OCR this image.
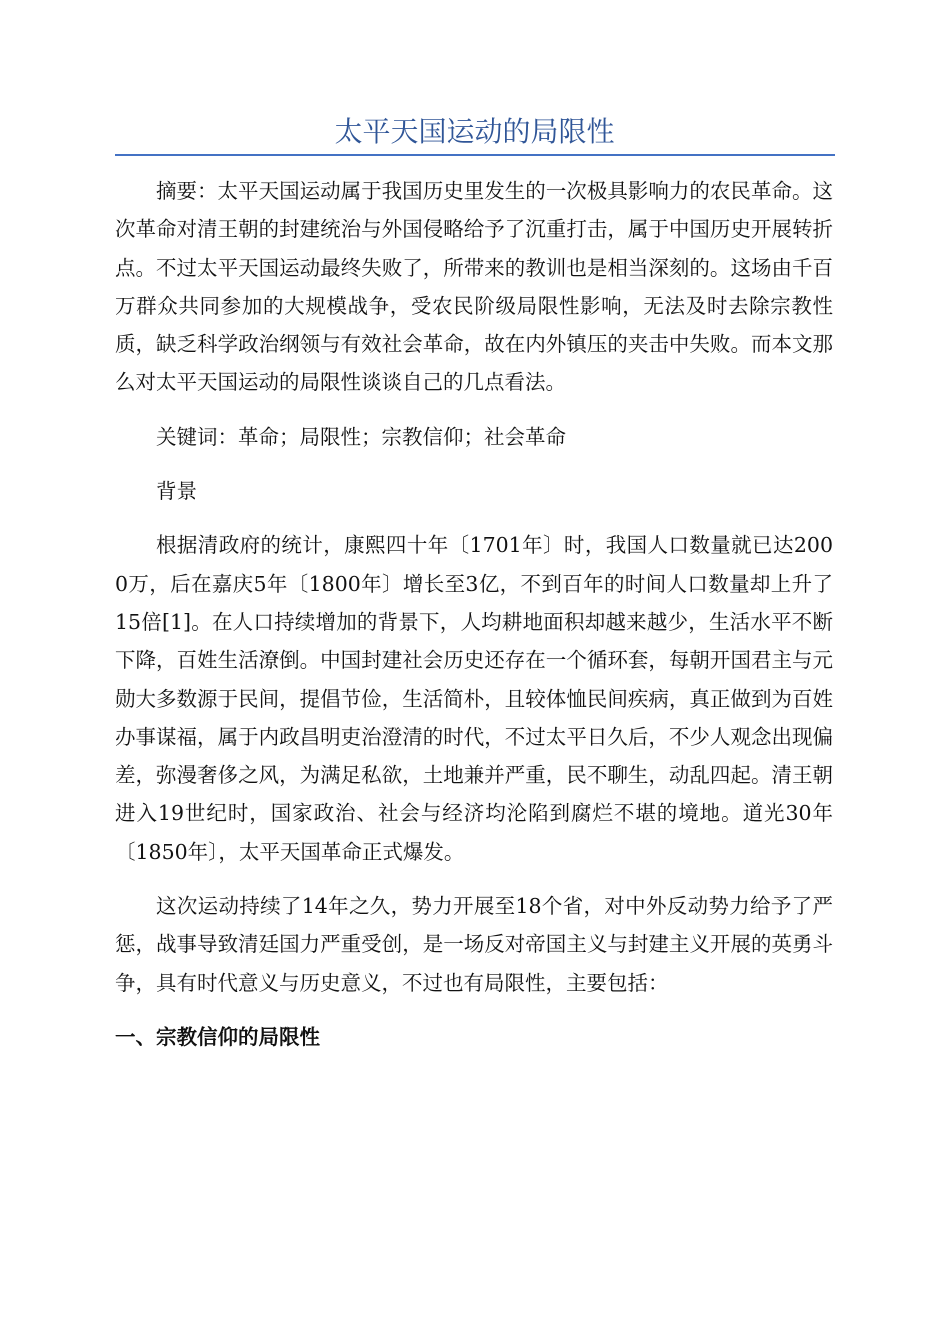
太平天国运动的局限性

摘要：太平天国运动属于我国历史里发生的一次极具影响力的农民革命。这次革命对清王朝的封建统治与外国侵略给予了沉重打击，属于中国历史开展转折点。不过太平天国运动最终失败了，所带来的教训也是相当深刻的。这场由千百万群众共同参加的大规模战争，受农民阶级局限性影响，无法及时去除宗教性质，缺乏科学政治纲领与有效社会革命，故在内外镇压的夹击中失败。而本文那么对太平天国运动的局限性谈谈自己的几点看法。

关键词：革命；局限性；宗教信仰；社会革命

背景

根据清政府的统计，康熙四十年〔1701年〕时，我国人口数量就已达2000万，后在嘉庆5年〔1800年〕增长至3亿，不到百年的时间人口数量却上升了15倍[1]。在人口持续增加的背景下，人均耕地面积却越来越少，生活水平不断下降，百姓生活潦倒。中国封建社会历史还存在一个循环套，每朝开国君主与元勋大多数源于民间，提倡节俭，生活简朴，且较体恤民间疾病，真正做到为百姓办事谋福，属于内政昌明吏治澄清的时代，不过太平日久后，不少人观念出现偏差，弥漫奢侈之风，为满足私欲，土地兼并严重，民不聊生，动乱四起。清王朝进入19世纪时，国家政治、社会与经济均沦陷到腐烂不堪的境地。道光30年〔1850年〕，太平天国革命正式爆发。

这次运动持续了14年之久，势力开展至18个省，对中外反动势力给予了严惩，战事导致清廷国力严重受创，是一场反对帝国主义与封建主义开展的英勇斗争，具有时代意义与历史意义，不过也有局限性，主要包括：

一、宗教信仰的局限性
